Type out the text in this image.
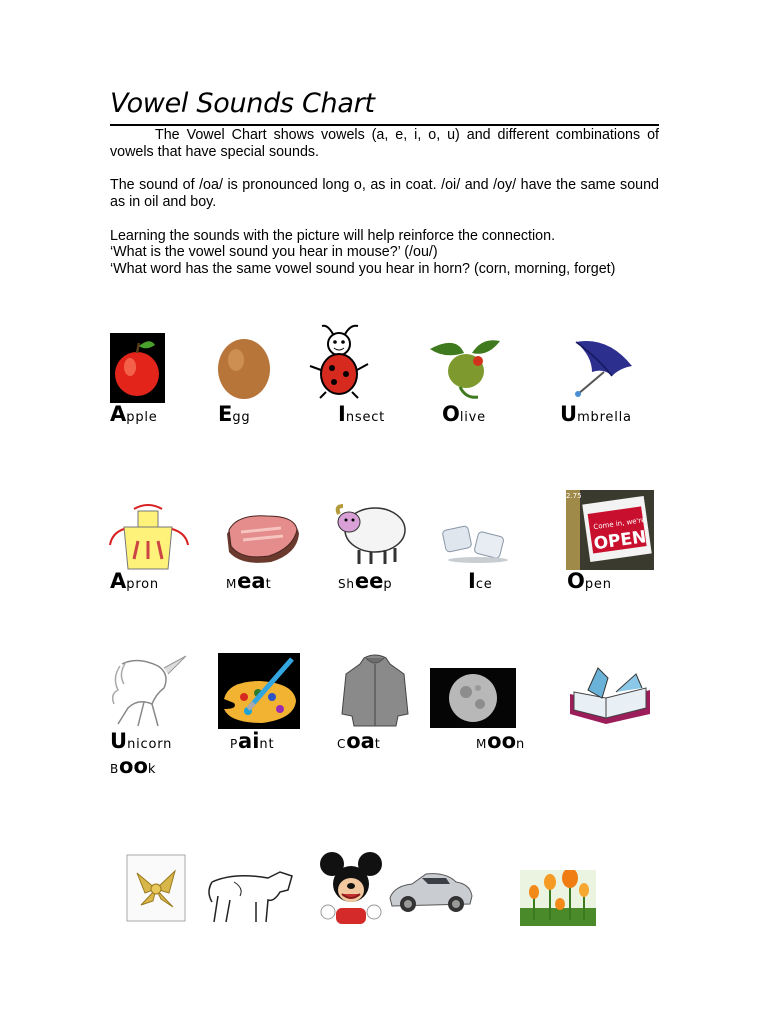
Vowel Sounds Chart

The Vowel Chart shows vowels (a, e, i, o, u) and different combinations of vowels that have special sounds.

The sound of /oa/ is pronounced long o, as in coat. /oi/ and /oy/ have the same sound as in oil and boy.

Learning the sounds with the picture will help reinforce the connection.
‘What is the vowel sound you hear in mouse?’ (/ou/)
‘What word has the same vowel sound you hear in horn? (corn, morning, forget)
Apple	Egg	Insect	Olive	Umbrella
2.75
Come in, we're
OPEN
Apron	Meat	Sheep	Ice	Open
Unicorn	Paint	Coat	Moon
Book
